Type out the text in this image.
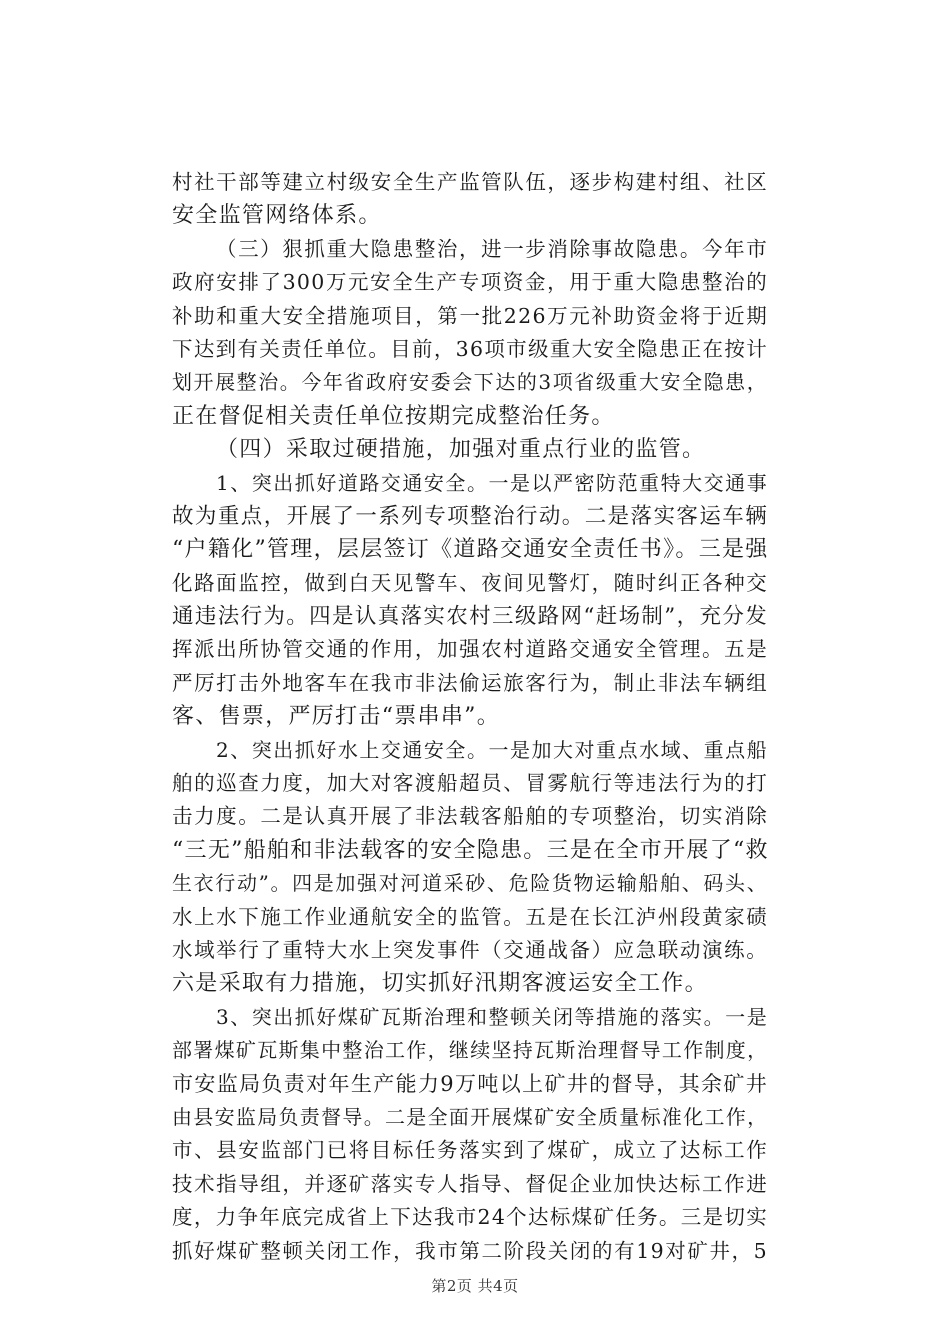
村社干部等建立村级安全生产监管队伍，逐步构建村组、社区
安全监管网络体系。
（三）狠抓重大隐患整治，进一步消除事故隐患。今年市
政府安排了300万元安全生产专项资金，用于重大隐患整治的
补助和重大安全措施项目，第一批226万元补助资金将于近期
下达到有关责任单位。目前，36项市级重大安全隐患正在按计
划开展整治。今年省政府安委会下达的3项省级重大安全隐患，
正在督促相关责任单位按期完成整治任务。
（四）采取过硬措施，加强对重点行业的监管。
1、突出抓好道路交通安全。一是以严密防范重特大交通事
故为重点，开展了一系列专项整治行动。二是落实客运车辆
“户籍化”管理，层层签订《道路交通安全责任书》。三是强
化路面监控，做到白天见警车、夜间见警灯，随时纠正各种交
通违法行为。四是认真落实农村三级路网“赶场制”，充分发
挥派出所协管交通的作用，加强农村道路交通安全管理。五是
严厉打击外地客车在我市非法偷运旅客行为，制止非法车辆组
客、售票，严厉打击“票串串”。
2、突出抓好水上交通安全。一是加大对重点水域、重点船
舶的巡查力度，加大对客渡船超员、冒雾航行等违法行为的打
击力度。二是认真开展了非法载客船舶的专项整治，切实消除
“三无”船舶和非法载客的安全隐患。三是在全市开展了“救
生衣行动”。四是加强对河道采砂、危险货物运输船舶、码头、
水上水下施工作业通航安全的监管。五是在长江泸州段黄家碛
水域举行了重特大水上突发事件（交通战备）应急联动演练。
六是采取有力措施，切实抓好汛期客渡运安全工作。
3、突出抓好煤矿瓦斯治理和整顿关闭等措施的落实。一是
部署煤矿瓦斯集中整治工作，继续坚持瓦斯治理督导工作制度，
市安监局负责对年生产能力9万吨以上矿井的督导，其余矿井
由县安监局负责督导。二是全面开展煤矿安全质量标准化工作，
市、县安监部门已将目标任务落实到了煤矿，成立了达标工作
技术指导组，并逐矿落实专人指导、督促企业加快达标工作进
度，力争年底完成省上下达我市24个达标煤矿任务。三是切实
抓好煤矿整顿关闭工作，我市第二阶段关闭的有19对矿井，5
第2页 共4页
